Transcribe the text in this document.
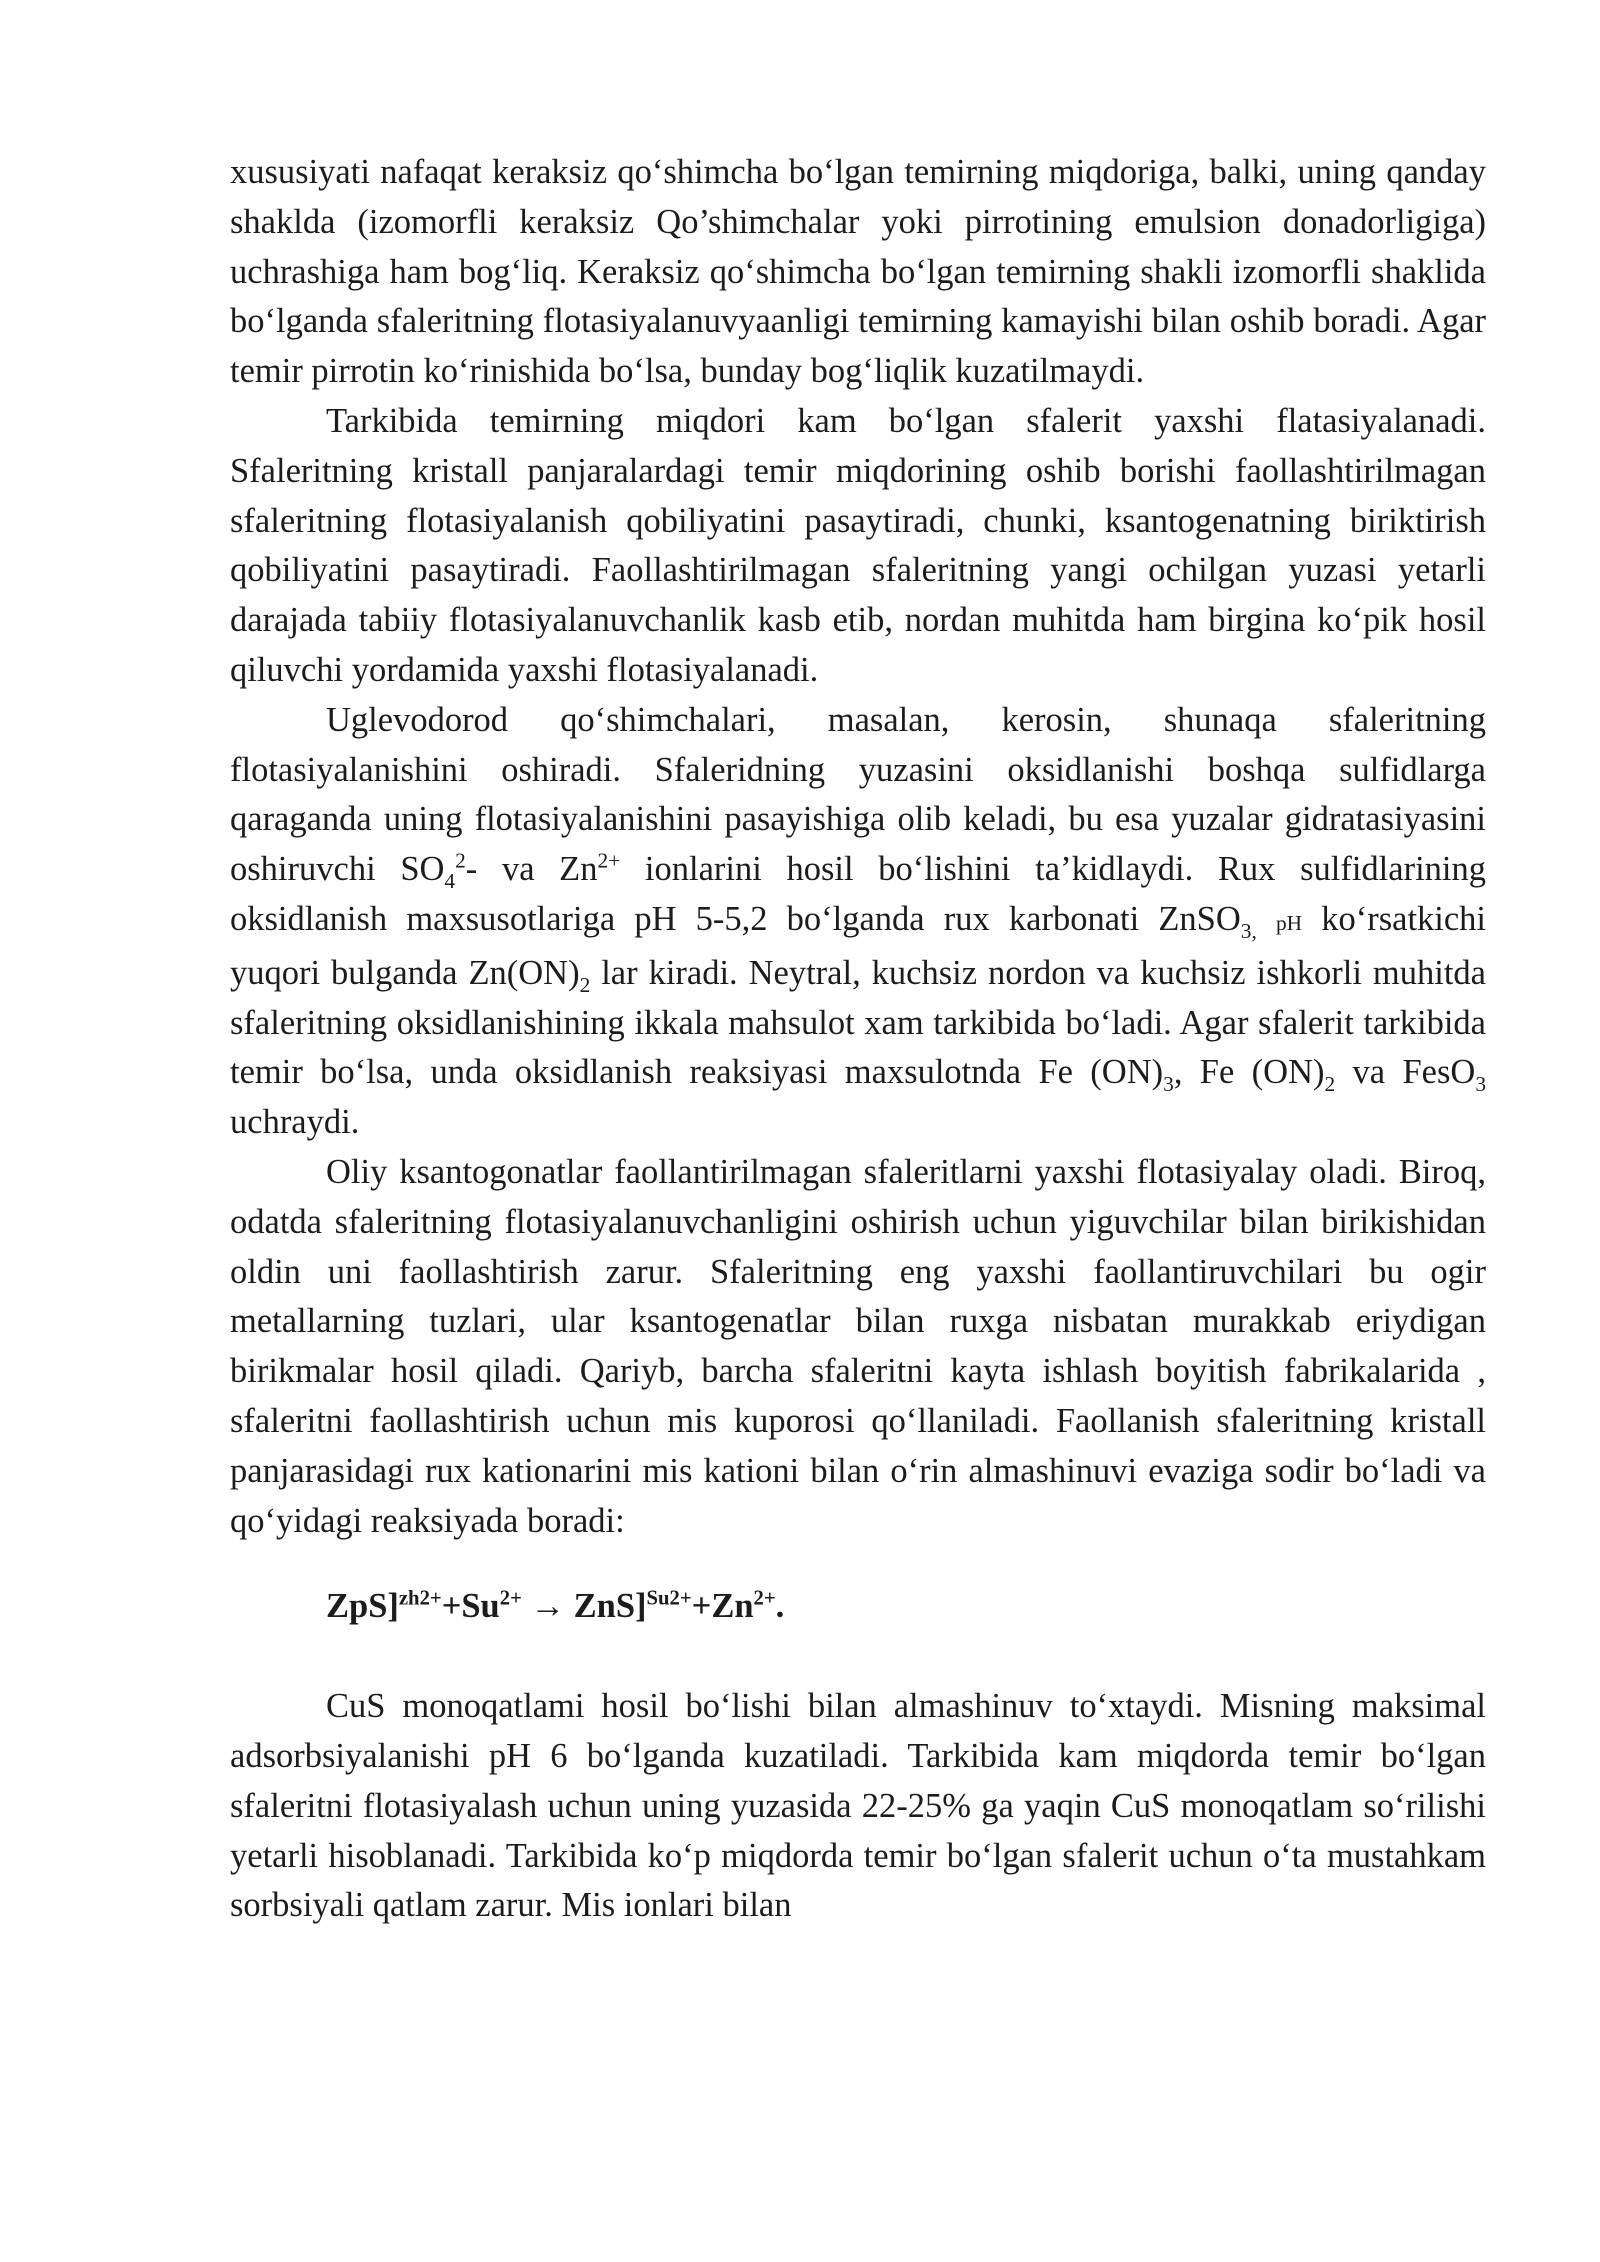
xususiyati nafaqat keraksiz qo‘shimcha bo‘lgan temirning miqdoriga, balki, uning qanday shaklda (izomorfli keraksiz Qo’shimchalar yoki pirrotining emulsion donadorligiga) uchrashiga ham bog‘liq. Keraksiz qo‘shimcha bo‘lgan temirning shakli izomorfli shaklida bo‘lganda sfaleritning flotasiyalanuvyaanligi temirning kamayishi bilan oshib boradi. Agar temir pirrotin ko‘rinishida bo‘lsa, bunday bog‘liqlik kuzatilmaydi.

Tarkibida temirning miqdori kam bo‘lgan sfalerit yaxshi flatasiyalanadi. Sfaleritning kristall panjaralardagi temir miqdorining oshib borishi faollashtirilmagan sfaleritning flotasiyalanish qobiliyatini pasaytiradi, chunki, ksantogenatning biriktirish qobiliyatini pasaytiradi. Faollashtirilmagan sfaleritning yangi ochilgan yuzasi yetarli darajada tabiiy flotasiyalanuvchanlik kasb etib, nordan muhitda ham birgina ko‘pik hosil qiluvchi yordamida yaxshi flotasiyalanadi.

Uglevodorod qo‘shimchalari, masalan, kerosin, shunaqa sfaleritning flotasiyalanishini oshiradi. Sfaleridning yuzasini oksidlanishi boshqa sulfidlarga qaraganda uning flotasiyalanishini pasayishiga olib keladi, bu esa yuzalar gidratasiyasini oshiruvchi $SO_4^2-$ va $Zn^{2+}$ ionlarini hosil bo‘lishini ta’kidlaydi. Rux sulfidlarining oksidlanish maxsusotlariga pH 5-5,2 bo‘lganda rux karbonati ZnSO$_{3,}$ pH ko‘rsatkichi yuqori bulganda $Zn(ON)_2$ lar kiradi. Neytral, kuchsiz nordon va kuchsiz ishkorli muhitda sfaleritning oksidlanishining ikkala mahsulot xam tarkibida bo‘ladi. Agar sfalerit tarkibida temir bo‘lsa, unda oksidlanish reaksiyasi maxsulotnda Fe $(ON)_3$, Fe $(ON)_2$ va FesO$_3$ uchraydi.

Oliy ksantogonatlar faollantirilmagan sfaleritlarni yaxshi flotasiyalay oladi. Biroq, odatda sfaleritning flotasiyalanuvchanligini oshirish uchun yiguvchilar bilan birikishidan oldin uni faollashtirish zarur. Sfaleritning eng yaxshi faollantiruvchilari bu ogir metallarning tuzlari, ular ksantogenatlar bilan ruxga nisbatan murakkab eriydigan birikmalar hosil qiladi. Qariyb, barcha sfaleritni kayta ishlash boyitish fabrikalarida , sfaleritni faollashtirish uchun mis kuporosi qo‘llaniladi. Faollanish sfaleritning kristall panjarasidagi rux kationarini mis kationi bilan o‘rin almashinuvi evaziga sodir bo‘ladi va qo‘yidagi reaksiyada boradi:

$ZpS]^{zh2+}+Su^{2+} \to ZnS]^{Su2+}+Zn^{2+}$.

CuS monoqatlami hosil bo‘lishi bilan almashinuv to‘xtaydi. Misning maksimal adsorbsiyalanishi pH 6 bo‘lganda kuzatiladi. Tarkibida kam miqdorda temir bo‘lgan sfaleritni flotasiyalash uchun uning yuzasida 22-25% ga yaqin CuS monoqatlam so‘rilishi yetarli hisoblanadi. Tarkibida ko‘p miqdorda temir bo‘lgan sfalerit uchun o‘ta mustahkam sorbsiyali qatlam zarur. Mis ionlari bilan
